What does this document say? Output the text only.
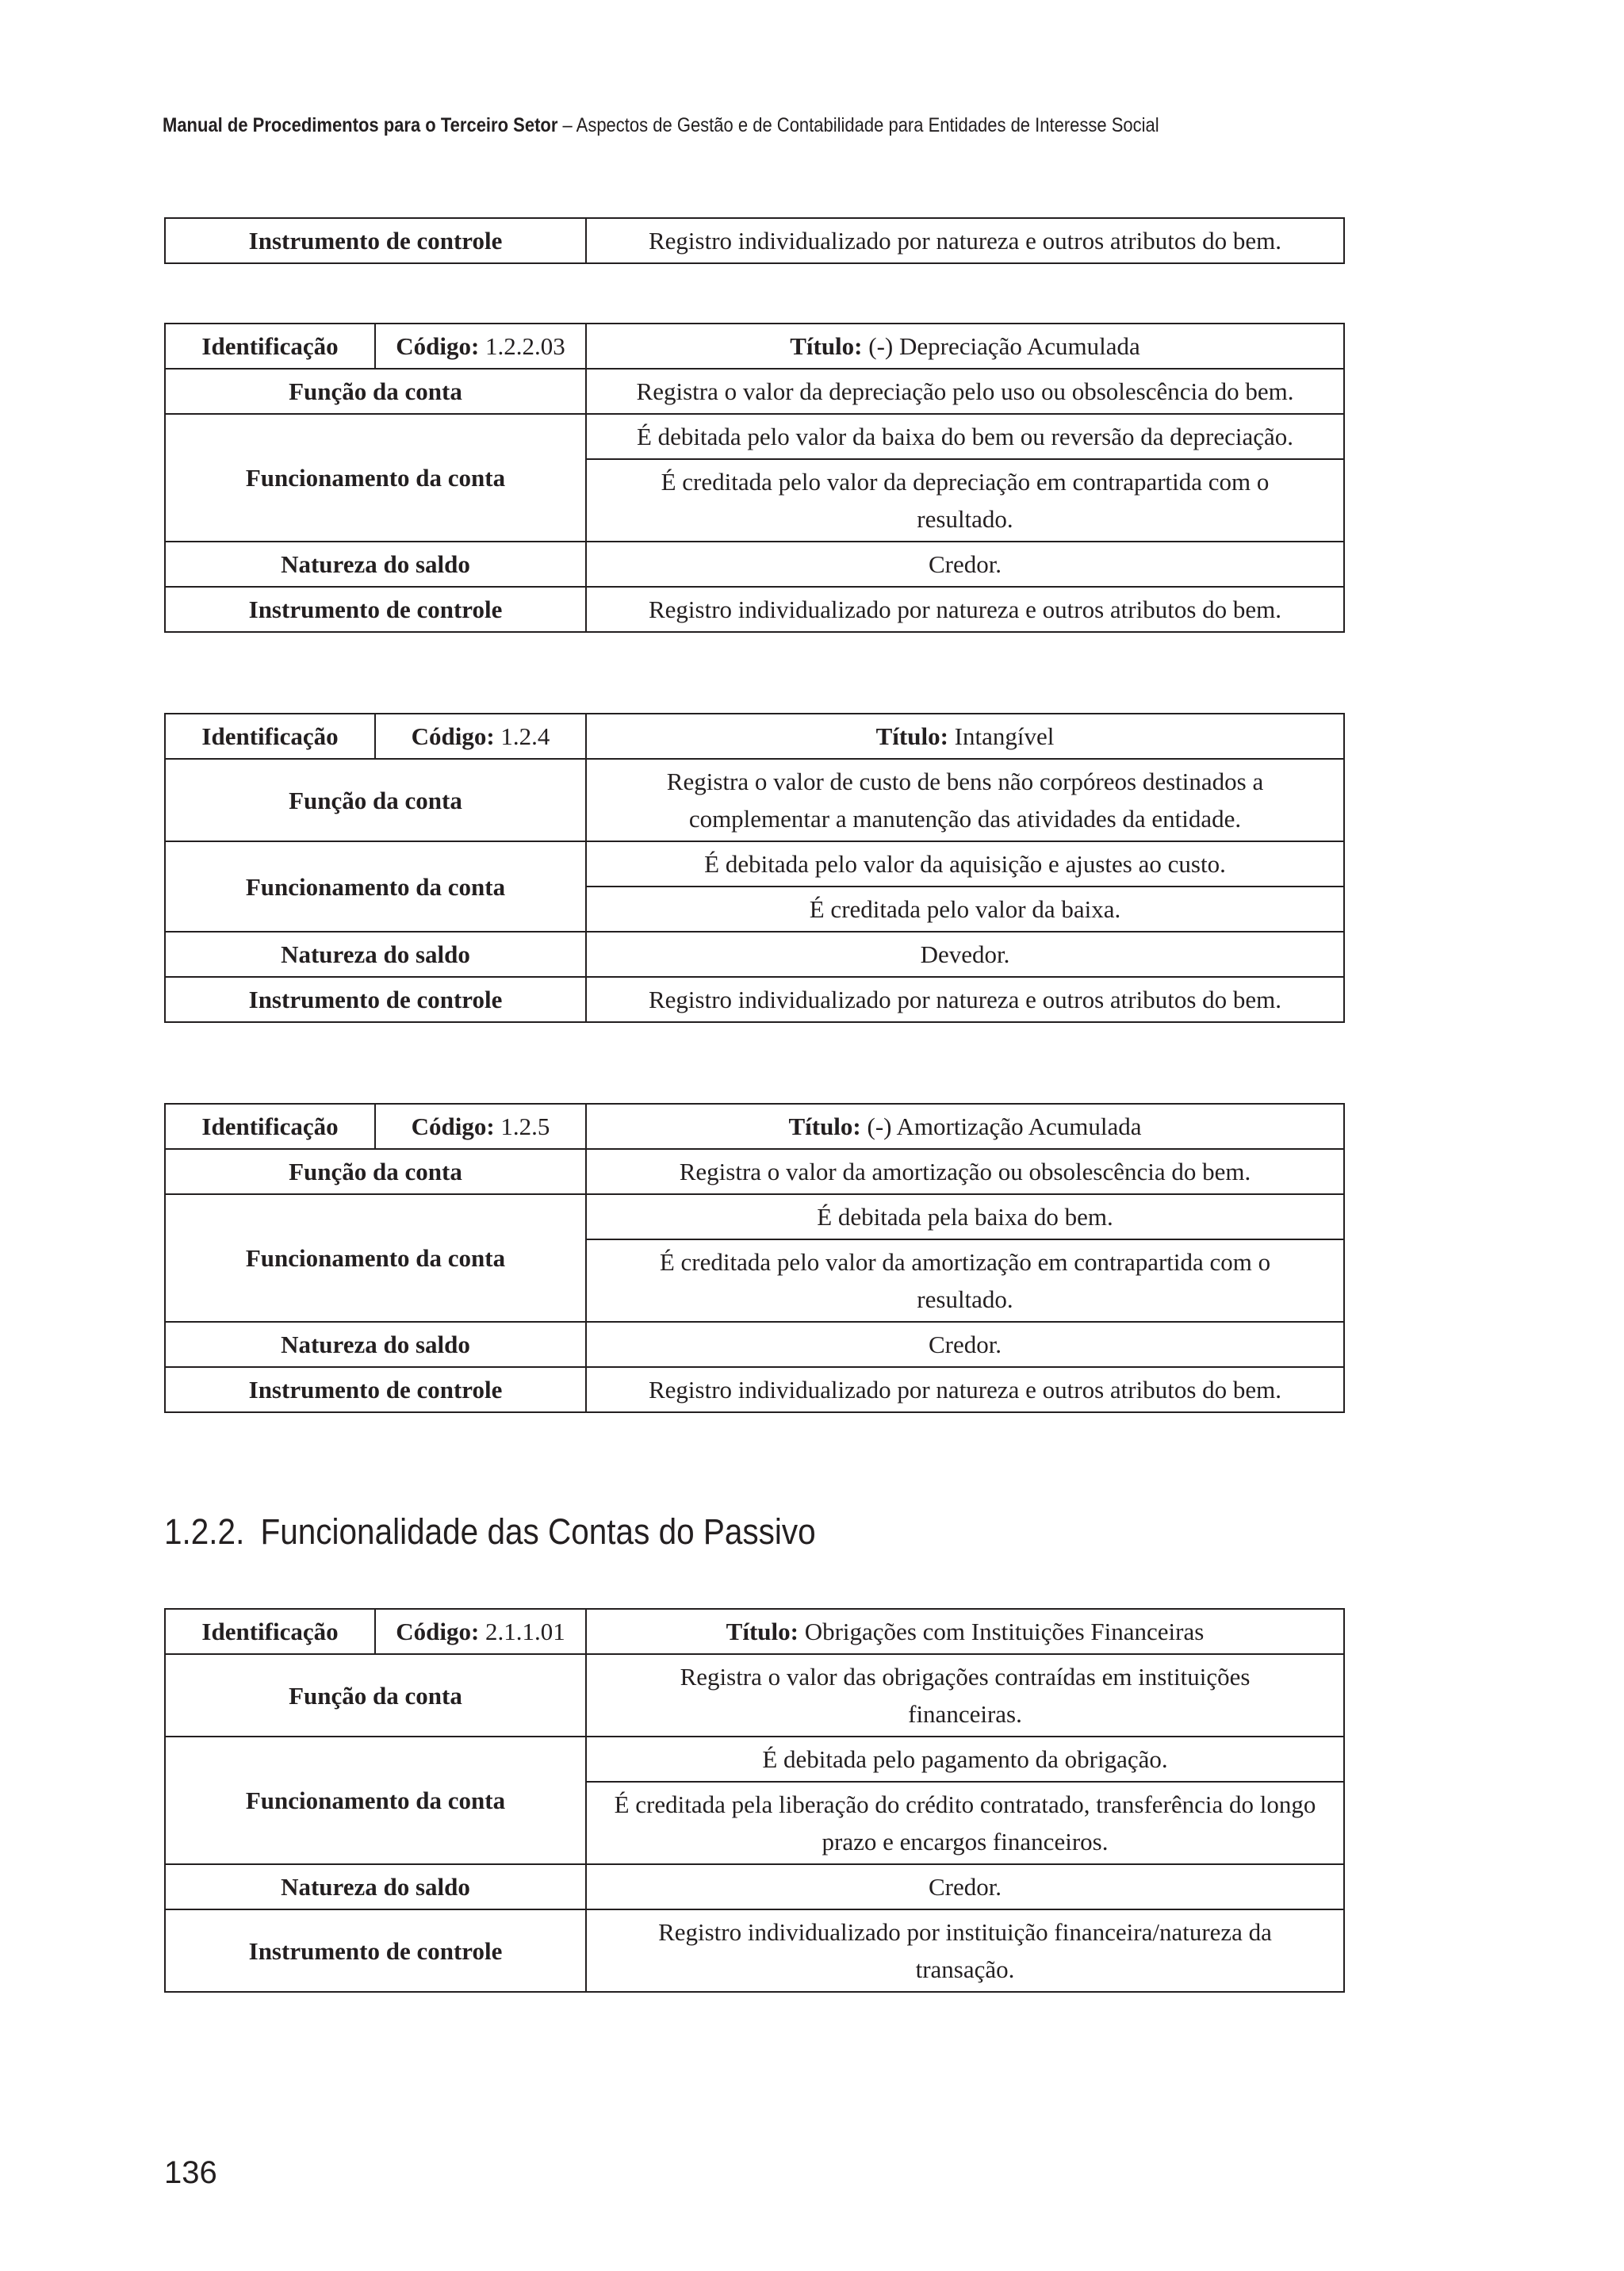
Manual de Procedimentos para o Terceiro Setor – Aspectos de Gestão e de Contabilidade para Entidades de Interesse Social
Instrumento de controle	Registro individualizado por natureza e outros atributos do bem.
Identificação	Código: 1.2.2.03	Título: (-) Depreciação Acumulada
Função da conta		Registra o valor da depreciação pelo uso ou obsolescência do bem.
Funcionamento da conta		É debitada pelo valor da baixa do bem ou reversão da depreciação.
		É creditada pelo valor da depreciação em contrapartida com o resultado.
Natureza do saldo		Credor.
Instrumento de controle		Registro individualizado por natureza e outros atributos do bem.
Identificação	Código: 1.2.4	Título: Intangível
Função da conta		Registra o valor de custo de bens não corpóreos destinados a complementar a manutenção das atividades da entidade.
Funcionamento da conta		É debitada pelo valor da aquisição e ajustes ao custo.
		É creditada pelo valor da baixa.
Natureza do saldo		Devedor.
Instrumento de controle		Registro individualizado por natureza e outros atributos do bem.
Identificação	Código: 1.2.5	Título: (-) Amortização Acumulada
Função da conta		Registra o valor da amortização ou obsolescência do bem.
Funcionamento da conta		É debitada pela baixa do bem.
		É creditada pelo valor da amortização em contrapartida com o resultado.
Natureza do saldo		Credor.
Instrumento de controle		Registro individualizado por natureza e outros atributos do bem.
1.2.2. Funcionalidade das Contas do Passivo
Identificação	Código: 2.1.1.01	Título: Obrigações com Instituições Financeiras
Função da conta		Registra o valor das obrigações contraídas em instituições financeiras.
Funcionamento da conta		É debitada pelo pagamento da obrigação.
		É creditada pela liberação do crédito contratado, transferência do longo prazo e encargos financeiros.
Natureza do saldo		Credor.
Instrumento de controle		Registro individualizado por instituição financeira/natureza da transação.
136
